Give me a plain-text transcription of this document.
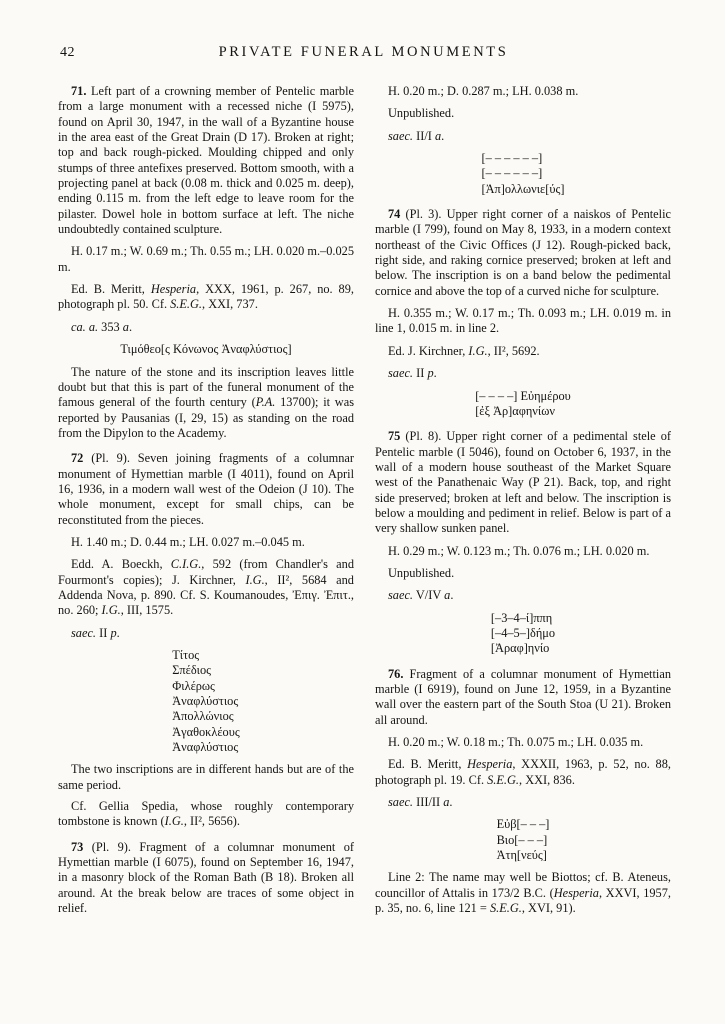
42	PRIVATE FUNERAL MONUMENTS

71. Left part of a crowning member of Pentelic marble from a large monument with a recessed niche (I 5975), found on April 30, 1947, in the wall of a Byzantine house in the area east of the Great Drain (D 17). Broken at right; top and back rough-picked. Moulding chipped and only stumps of three antefixes preserved. Bottom smooth, with a projecting panel at back (0.08 m. thick and 0.025 m. deep), ending 0.115 m. from the left edge to leave room for the pilaster. Dowel hole in bottom surface at left. The niche undoubtedly contained sculpture.

H. 0.17 m.; W. 0.69 m.; Th. 0.55 m.; LH. 0.020 m.–0.025 m.

Ed. B. Meritt, Hesperia, XXX, 1961, p. 267, no. 89, photograph pl. 50. Cf. S.E.G., XXI, 737.

ca. a. 353 a.

Τιμόθεο[ς Κόνωνος Ἀναφλύστιος]

The nature of the stone and its inscription leaves little doubt but that this is part of the funeral monument of the famous general of the fourth century (P.A. 13700); it was reported by Pausanias (I, 29, 15) as standing on the road from the Dipylon to the Academy.

72 (Pl. 9). Seven joining fragments of a columnar monument of Hymettian marble (I 4011), found on April 16, 1936, in a modern wall west of the Odeion (J 10). The whole monument, except for small chips, can be reconstituted from the pieces.

H. 1.40 m.; D. 0.44 m.; LH. 0.027 m.–0.045 m.

Edd. A. Boeckh, C.I.G., 592 (from Chandler's and Fourmont's copies); J. Kirchner, I.G., II², 5684 and Addenda Nova, p. 890. Cf. S. Koumanoudes, Ἐπιγ. Ἐπιτ., no. 260; I.G., III, 1575.

saec. II p.

Τίτος
Σπέδιος
Φιλέρως
Ἀναφλύστιος
Ἀπολλώνιος
Ἀγαθοκλέους
Ἀναφλύστιος

The two inscriptions are in different hands but are of the same period.

Cf. Gellia Spedia, whose roughly contemporary tombstone is known (I.G., II², 5656).

73 (Pl. 9). Fragment of a columnar monument of Hymettian marble (I 6075), found on September 16, 1947, in a masonry block of the Roman Bath (B 18). Broken all around. At the break below are traces of some object in relief.

H. 0.20 m.; D. 0.287 m.; LH. 0.038 m.

Unpublished.

saec. II/I a.

[– – – – – –]
[– – – – – –]
[Ἀπ]ολλωνιε[ύς]

74 (Pl. 3). Upper right corner of a naiskos of Pentelic marble (I 799), found on May 8, 1933, in a modern context northeast of the Civic Offices (J 12). Rough-picked back, right side, and raking cornice preserved; broken at left and below. The inscription is on a band below the pedimental cornice and above the top of a curved niche for sculpture.

H. 0.355 m.; W. 0.17 m.; Th. 0.093 m.; LH. 0.019 m. in line 1, 0.015 m. in line 2.

Ed. J. Kirchner, I.G., II², 5692.

saec. II p.

[– – – –] Εὐημέρου
[ἐξ Ἀρ]αφηνίων

75 (Pl. 8). Upper right corner of a pedimental stele of Pentelic marble (I 5046), found on October 6, 1937, in the wall of a modern house southeast of the Market Square west of the Panathenaic Way (P 21). Back, top, and right side preserved; broken at left and below. The inscription is below a moulding and pediment in relief. Below is part of a very shallow sunken panel.

H. 0.29 m.; W. 0.123 m.; Th. 0.076 m.; LH. 0.020 m.

Unpublished.

saec. V/IV a.

[–3–4–ί]ππη
[–4–5–]δήμο
[Ἀραφ]ηνίο

76. Fragment of a columnar monument of Hymettian marble (I 6919), found on June 12, 1959, in a Byzantine wall over the eastern part of the South Stoa (U 21). Broken all around.

H. 0.20 m.; W. 0.18 m.; Th. 0.075 m.; LH. 0.035 m.

Ed. B. Meritt, Hesperia, XXXII, 1963, p. 52, no. 88, photograph pl. 19. Cf. S.E.G., XXI, 836.

saec. III/II a.

Εὐβ[– – –]
Βιο[– – –]
Ἀτη[νεύς]

Line 2: The name may well be Biottos; cf. B. Ateneus, councillor of Attalis in 173/2 B.C. (Hesperia, XXVI, 1957, p. 35, no. 6, line 121 = S.E.G., XVI, 91).
